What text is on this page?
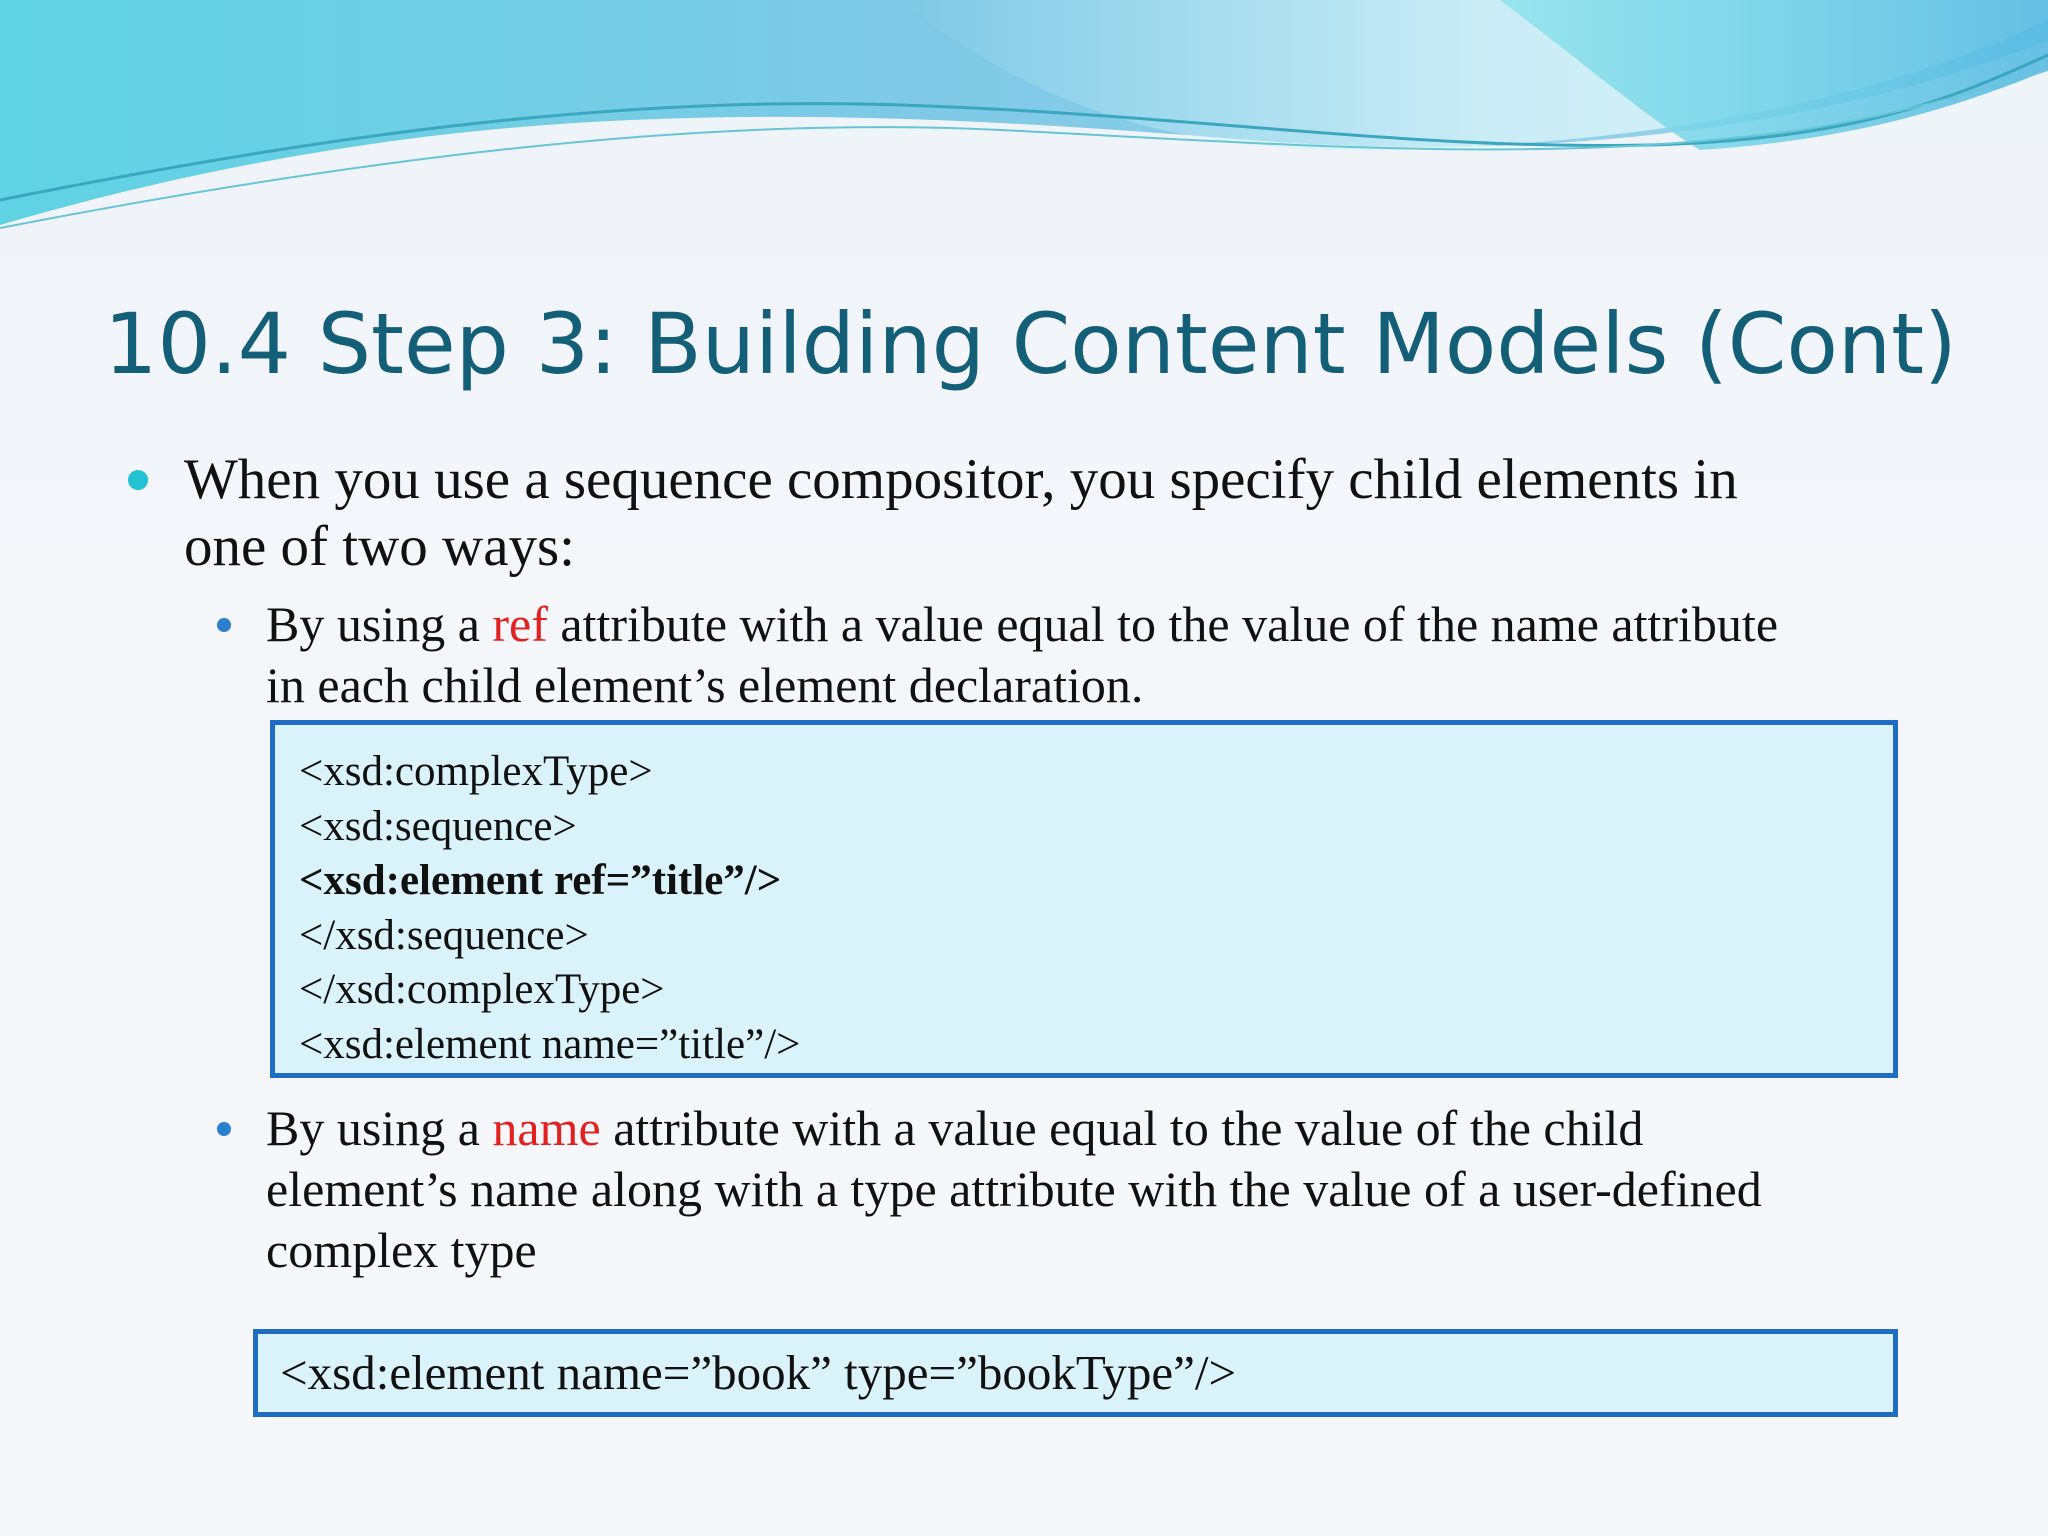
10.4 Step 3: Building Content Models (Cont)
When you use a sequence compositor, you specify child elements in
one of two ways:
By using a ref attribute with a value equal to the value of the name attribute
in each child element’s element declaration.
<xsd:complexType>
<xsd:sequence>
<xsd:element ref=”title”/>
</xsd:sequence>
</xsd:complexType>
<xsd:element name=”title”/>
By using a name attribute with a value equal to the value of the child
element’s name along with a type attribute with the value of a user-defined
complex type
<xsd:element name=”book” type=”bookType”/>
